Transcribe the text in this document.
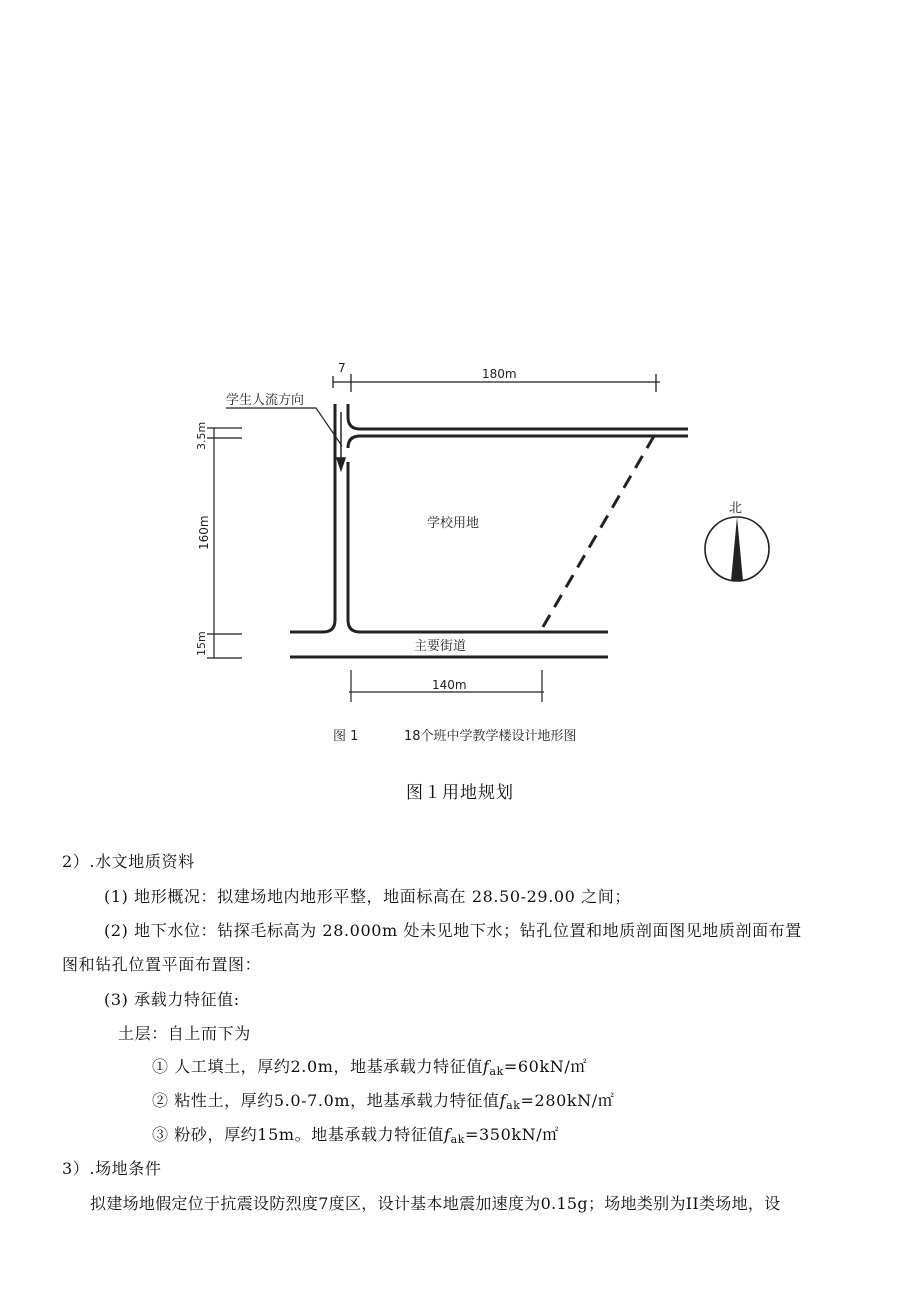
7	180m
学生人流方向
3.5m
160m
15m
学校用地
北
主要街道
140m
图 1	18个班中学教学楼设计地形图
图１用地规划
2）.水文地质资料
(1) 地形概况：拟建场地内地形平整，地面标高在 28.50-29.00 之间；
(2) 地下水位：钻探毛标高为 28.000m 处未见地下水；钻孔位置和地质剖面图见地质剖面布置
图和钻孔位置平面布置图：
(3) 承载力特征值:
土层：自上而下为
① 人工填土，厚约2.0m，地基承载力特征值$f_{ak}=60kN/㎡$
② 粘性土，厚约5.0-7.0m，地基承载力特征值$f_{ak}=280kN/㎡$
③ 粉砂，厚约15m。地基承载力特征值$f_{ak}=350kN/㎡$
3）.场地条件
拟建场地假定位于抗震设防烈度7度区，设计基本地震加速度为0.15g；场地类别为II类场地，设
